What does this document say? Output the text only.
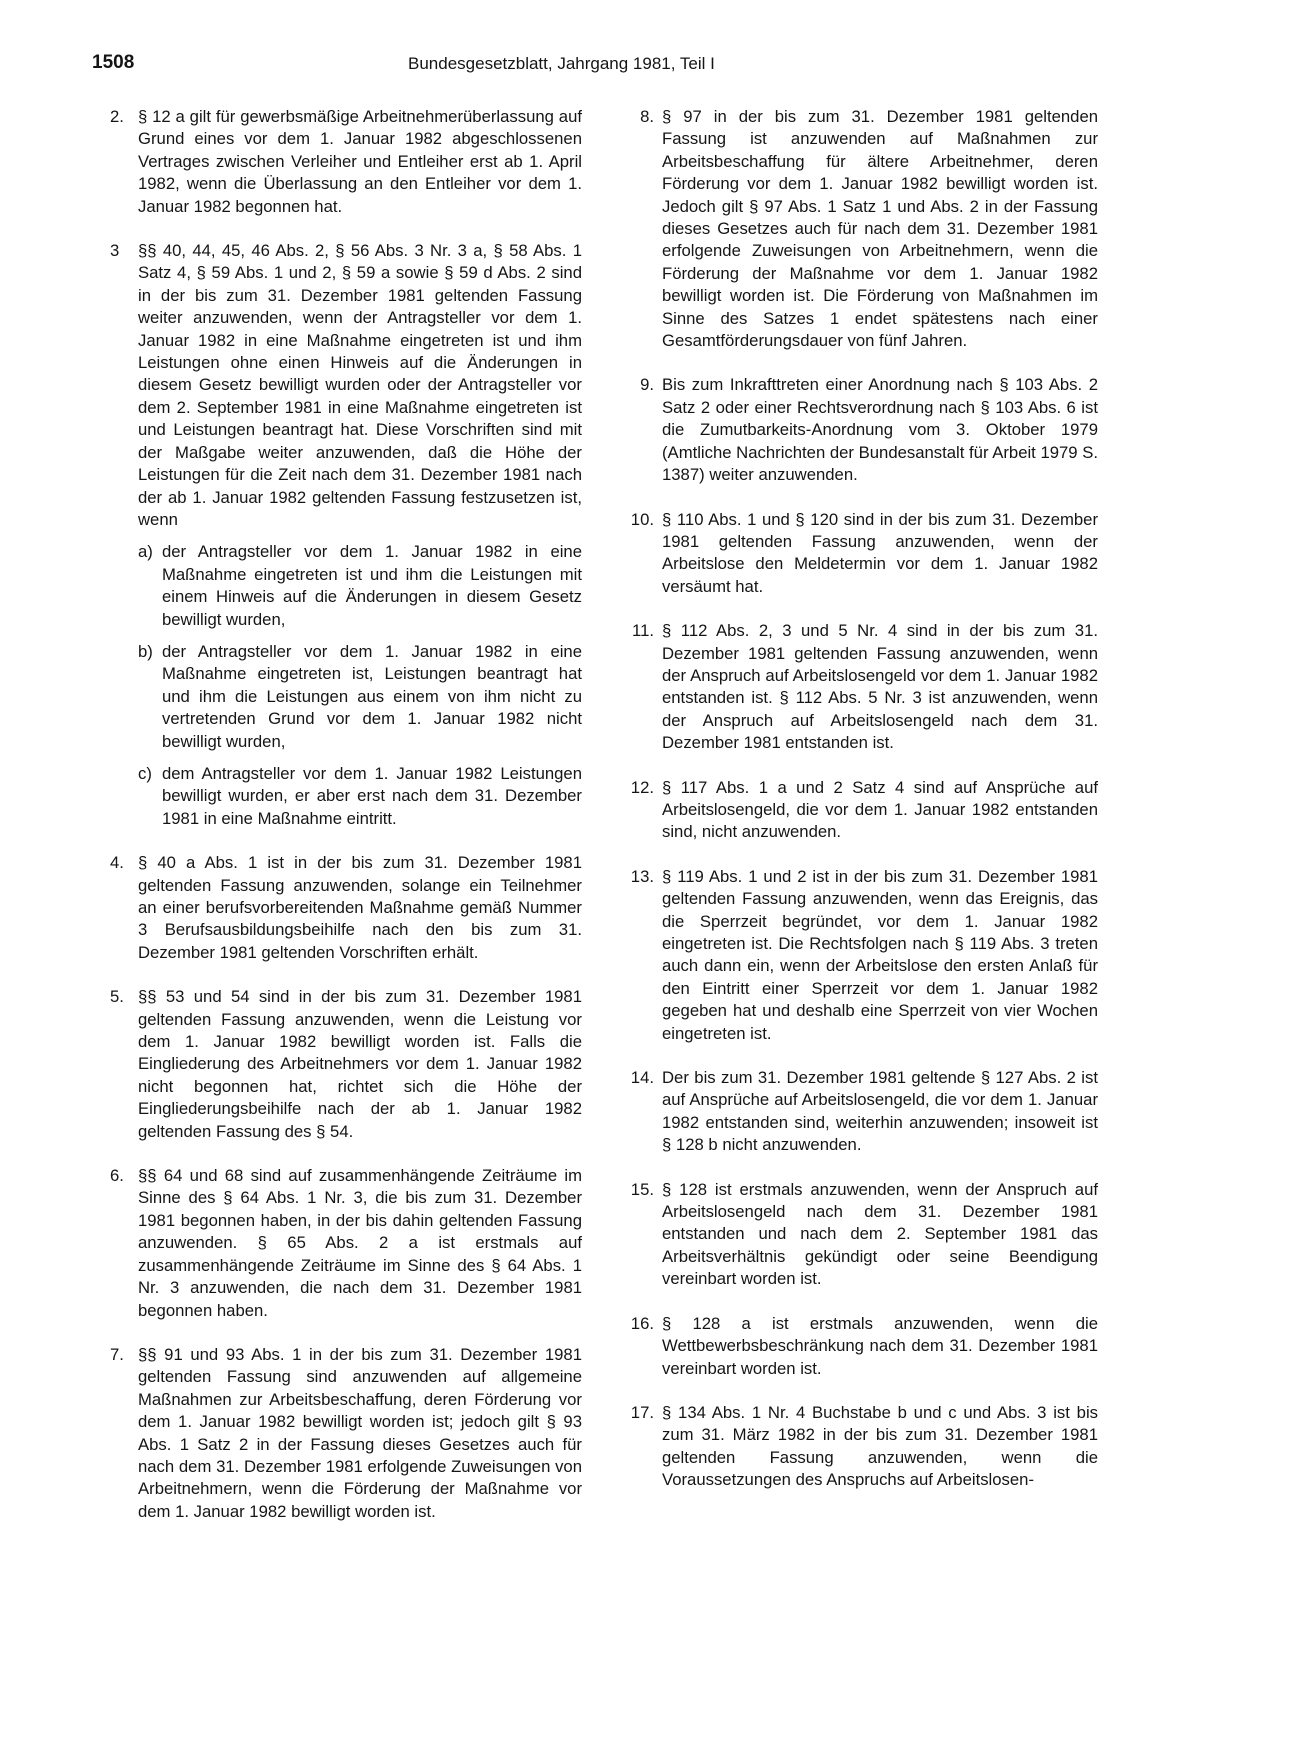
1508	Bundesgesetzblatt, Jahrgang 1981, Teil I
2. § 12 a gilt für gewerbsmäßige Arbeitnehmerüberlassung auf Grund eines vor dem 1. Januar 1982 abgeschlossenen Vertrages zwischen Verleiher und Entleiher erst ab 1. April 1982, wenn die Überlassung an den Entleiher vor dem 1. Januar 1982 begonnen hat.
3	§§ 40, 44, 45, 46 Abs. 2, § 56 Abs. 3 Nr. 3 a, § 58 Abs. 1 Satz 4, § 59 Abs. 1 und 2, § 59 a sowie § 59 d Abs. 2 sind in der bis zum 31. Dezember 1981 geltenden Fassung weiter anzuwenden, wenn der Antragsteller vor dem 1. Januar 1982 in eine Maßnahme eingetreten ist und ihm Leistungen ohne einen Hinweis auf die Änderungen in diesem Gesetz bewilligt wurden oder der Antragsteller vor dem 2. September 1981 in eine Maßnahme eingetreten ist und Leistungen beantragt hat. Diese Vorschriften sind mit der Maßgabe weiter anzuwenden, daß die Höhe der Leistungen für die Zeit nach dem 31. Dezember 1981 nach der ab 1. Januar 1982 geltenden Fassung festzusetzen ist, wenn
a) der Antragsteller vor dem 1. Januar 1982 in eine Maßnahme eingetreten ist und ihm die Leistungen mit einem Hinweis auf die Änderungen in diesem Gesetz bewilligt wurden,
b) der Antragsteller vor dem 1. Januar 1982 in eine Maßnahme eingetreten ist, Leistungen beantragt hat und ihm die Leistungen aus einem von ihm nicht zu vertretenden Grund vor dem 1. Januar 1982 nicht bewilligt wurden,
c) dem Antragsteller vor dem 1. Januar 1982 Leistungen bewilligt wurden, er aber erst nach dem 31. Dezember 1981 in eine Maßnahme eintritt.
4. § 40 a Abs. 1 ist in der bis zum 31. Dezember 1981 geltenden Fassung anzuwenden, solange ein Teilnehmer an einer berufsvorbereitenden Maßnahme gemäß Nummer 3 Berufsausbildungsbeihilfe nach den bis zum 31. Dezember 1981 geltenden Vorschriften erhält.
5. §§ 53 und 54 sind in der bis zum 31. Dezember 1981 geltenden Fassung anzuwenden, wenn die Leistung vor dem 1. Januar 1982 bewilligt worden ist. Falls die Eingliederung des Arbeitnehmers vor dem 1. Januar 1982 nicht begonnen hat, richtet sich die Höhe der Eingliederungsbeihilfe nach der ab 1. Januar 1982 geltenden Fassung des § 54.
6. §§ 64 und 68 sind auf zusammenhängende Zeiträume im Sinne des § 64 Abs. 1 Nr. 3, die bis zum 31. Dezember 1981 begonnen haben, in der bis dahin geltenden Fassung anzuwenden. § 65 Abs. 2 a ist erstmals auf zusammenhängende Zeiträume im Sinne des § 64 Abs. 1 Nr. 3 anzuwenden, die nach dem 31. Dezember 1981 begonnen haben.
7. §§ 91 und 93 Abs. 1 in der bis zum 31. Dezember 1981 geltenden Fassung sind anzuwenden auf allgemeine Maßnahmen zur Arbeitsbeschaffung, deren Förderung vor dem 1. Januar 1982 bewilligt worden ist; jedoch gilt § 93 Abs. 1 Satz 2 in der Fassung dieses Gesetzes auch für nach dem 31. Dezember 1981 erfolgende Zuweisungen von Arbeitnehmern, wenn die Förderung der Maßnahme vor dem 1. Januar 1982 bewilligt worden ist.
8. § 97 in der bis zum 31. Dezember 1981 geltenden Fassung ist anzuwenden auf Maßnahmen zur Arbeitsbeschaffung für ältere Arbeitnehmer, deren Förderung vor dem 1. Januar 1982 bewilligt worden ist. Jedoch gilt § 97 Abs. 1 Satz 1 und Abs. 2 in der Fassung dieses Gesetzes auch für nach dem 31. Dezember 1981 erfolgende Zuweisungen von Arbeitnehmern, wenn die Förderung der Maßnahme vor dem 1. Januar 1982 bewilligt worden ist. Die Förderung von Maßnahmen im Sinne des Satzes 1 endet spätestens nach einer Gesamtförderungsdauer von fünf Jahren.
9. Bis zum Inkrafttreten einer Anordnung nach § 103 Abs. 2 Satz 2 oder einer Rechtsverordnung nach § 103 Abs. 6 ist die Zumutbarkeits-Anordnung vom 3. Oktober 1979 (Amtliche Nachrichten der Bundesanstalt für Arbeit 1979 S. 1387) weiter anzuwenden.
10. § 110 Abs. 1 und § 120 sind in der bis zum 31. Dezember 1981 geltenden Fassung anzuwenden, wenn der Arbeitslose den Meldetermin vor dem 1. Januar 1982 versäumt hat.
11. § 112 Abs. 2, 3 und 5 Nr. 4 sind in der bis zum 31. Dezember 1981 geltenden Fassung anzuwenden, wenn der Anspruch auf Arbeitslosengeld vor dem 1. Januar 1982 entstanden ist. § 112 Abs. 5 Nr. 3 ist anzuwenden, wenn der Anspruch auf Arbeitslosengeld nach dem 31. Dezember 1981 entstanden ist.
12. § 117 Abs. 1 a und 2 Satz 4 sind auf Ansprüche auf Arbeitslosengeld, die vor dem 1. Januar 1982 entstanden sind, nicht anzuwenden.
13. § 119 Abs. 1 und 2 ist in der bis zum 31. Dezember 1981 geltenden Fassung anzuwenden, wenn das Ereignis, das die Sperrzeit begründet, vor dem 1. Januar 1982 eingetreten ist. Die Rechtsfolgen nach § 119 Abs. 3 treten auch dann ein, wenn der Arbeitslose den ersten Anlaß für den Eintritt einer Sperrzeit vor dem 1. Januar 1982 gegeben hat und deshalb eine Sperrzeit von vier Wochen eingetreten ist.
14. Der bis zum 31. Dezember 1981 geltende § 127 Abs. 2 ist auf Ansprüche auf Arbeitslosengeld, die vor dem 1. Januar 1982 entstanden sind, weiterhin anzuwenden; insoweit ist § 128 b nicht anzuwenden.
15. § 128 ist erstmals anzuwenden, wenn der Anspruch auf Arbeitslosengeld nach dem 31. Dezember 1981 entstanden und nach dem 2. September 1981 das Arbeitsverhältnis gekündigt oder seine Beendigung vereinbart worden ist.
16. § 128 a ist erstmals anzuwenden, wenn die Wettbewerbsbeschränkung nach dem 31. Dezember 1981 vereinbart worden ist.
17. § 134 Abs. 1 Nr. 4 Buchstabe b und c und Abs. 3 ist bis zum 31. März 1982 in der bis zum 31. Dezember 1981 geltenden Fassung anzuwenden, wenn die Voraussetzungen des Anspruchs auf Arbeitslosen-
